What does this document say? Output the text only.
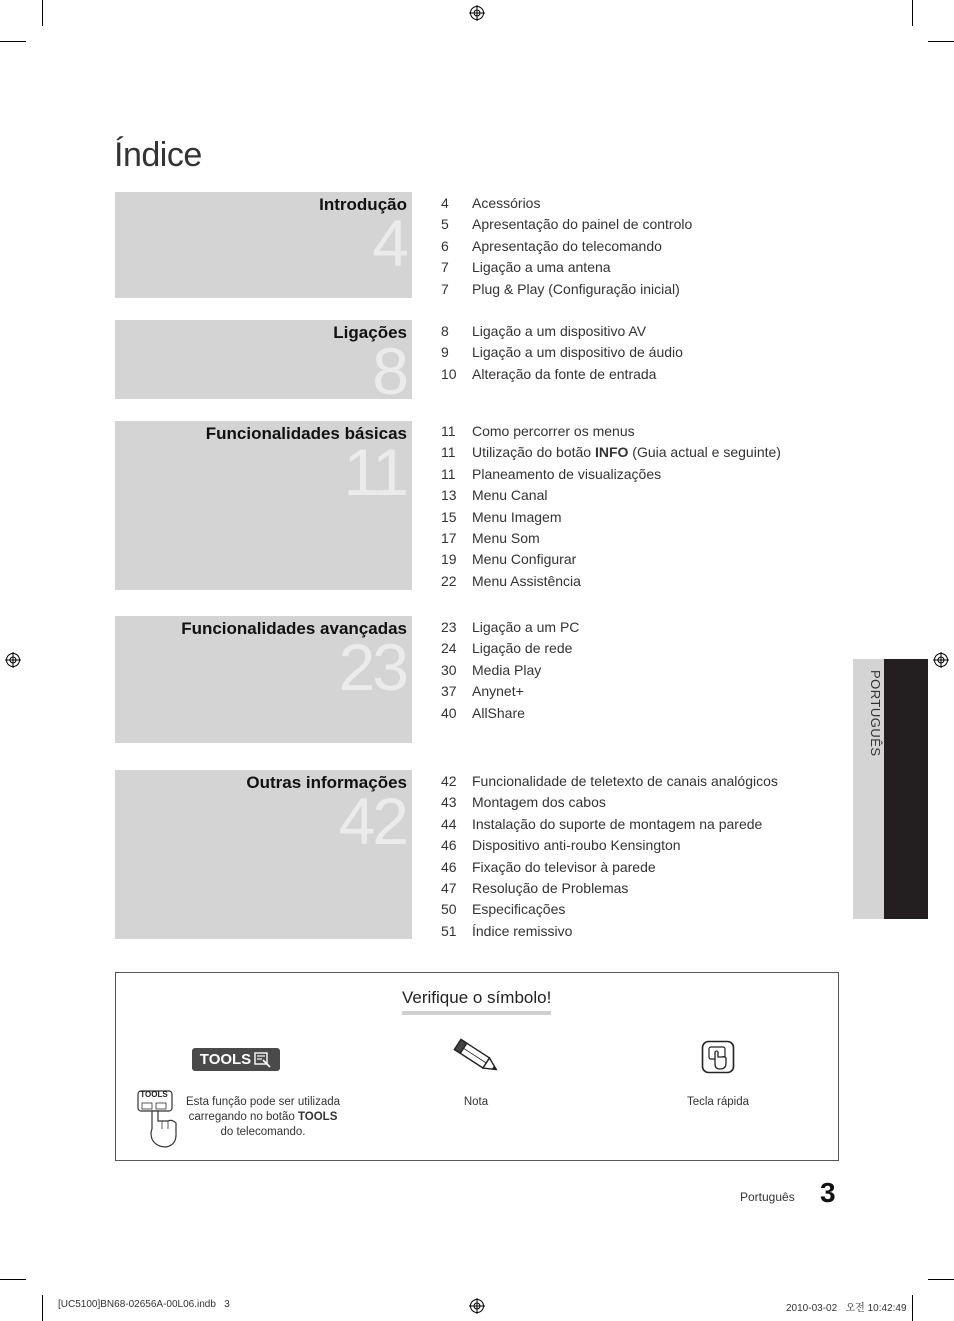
Índice
4
Introdução 4	Acessórios
5	Apresentação do painel de controlo
6	Apresentação do telecomando
7	Ligação a uma antena
7	Plug & Play (Configuração inicial)
8
Ligações 8	Ligação a um dispositivo AV
9	Ligação a um dispositivo de áudio
10	Alteração da fonte de entrada
11
Funcionalidades básicas 11	Como percorrer os menus
11	Utilização do botão INFO (Guia actual e seguinte)
11	Planeamento de visualizações
13	Menu Canal
15	Menu Imagem
17	Menu Som
19	Menu Configurar
22	Menu Assistência
23
Funcionalidades avançadas 23	Ligação a um PC
24	Ligação de rede
30	Media Play
37	Anynet+
40	AllShare
42
Outras informações 42	Funcionalidade de teletexto de canais analógicos
43	Montagem dos cabos
44	Instalação do suporte de montagem na parede
46	Dispositivo anti-roubo Kensington
46	Fixação do televisor à parede
47	Resolução de Problemas
50	Especificações
51	Índice remissivo
PORTUGUÊS
Verifique o símbolo!
TOOLS
TOOLS
Esta função pode ser utilizada carregando no botão TOOLS do telecomando.
Nota	Tecla rápida
Português 3
[UC5100]BN68-02656A-00L06.indb   3	2010-03-02   오전 10:42:49
